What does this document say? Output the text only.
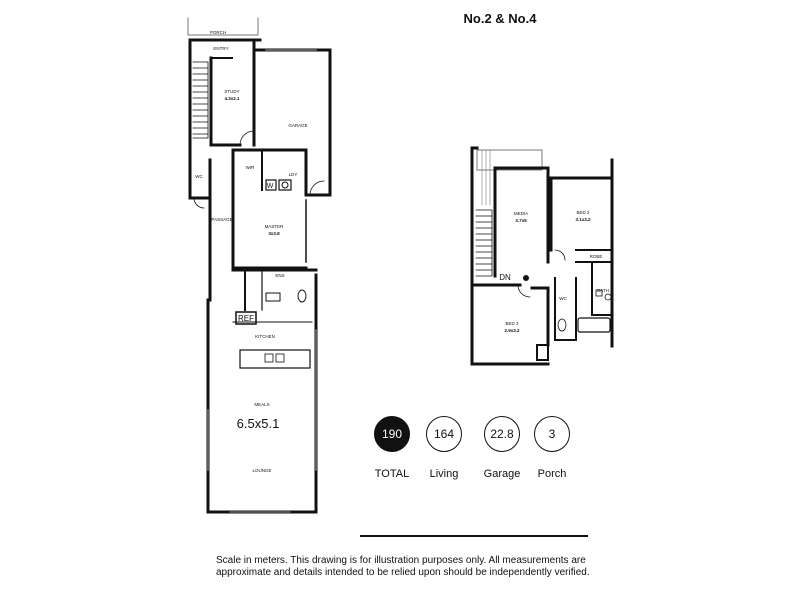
PORCH
ENTRY
STUDY
4.3x2.1
GARAGE
WIR
LDY
W
WC
PASSAGE
MASTER
3x3.8
ENS
REF
KITCHEN
MEALS
6.5x5.1
LOUNGE
MEDIA
3.7x5
BED 2
3.1x3.2
ROBE
DN
BATH
WC
BED 3
2.9x3.2
No.2 & No.4
190
TOTAL
164
Living
22.8
Garage
3
Porch
Scale in meters. This drawing is for illustration purposes only. All measurements are approximate and details intended to be relied upon should be independently verified.
